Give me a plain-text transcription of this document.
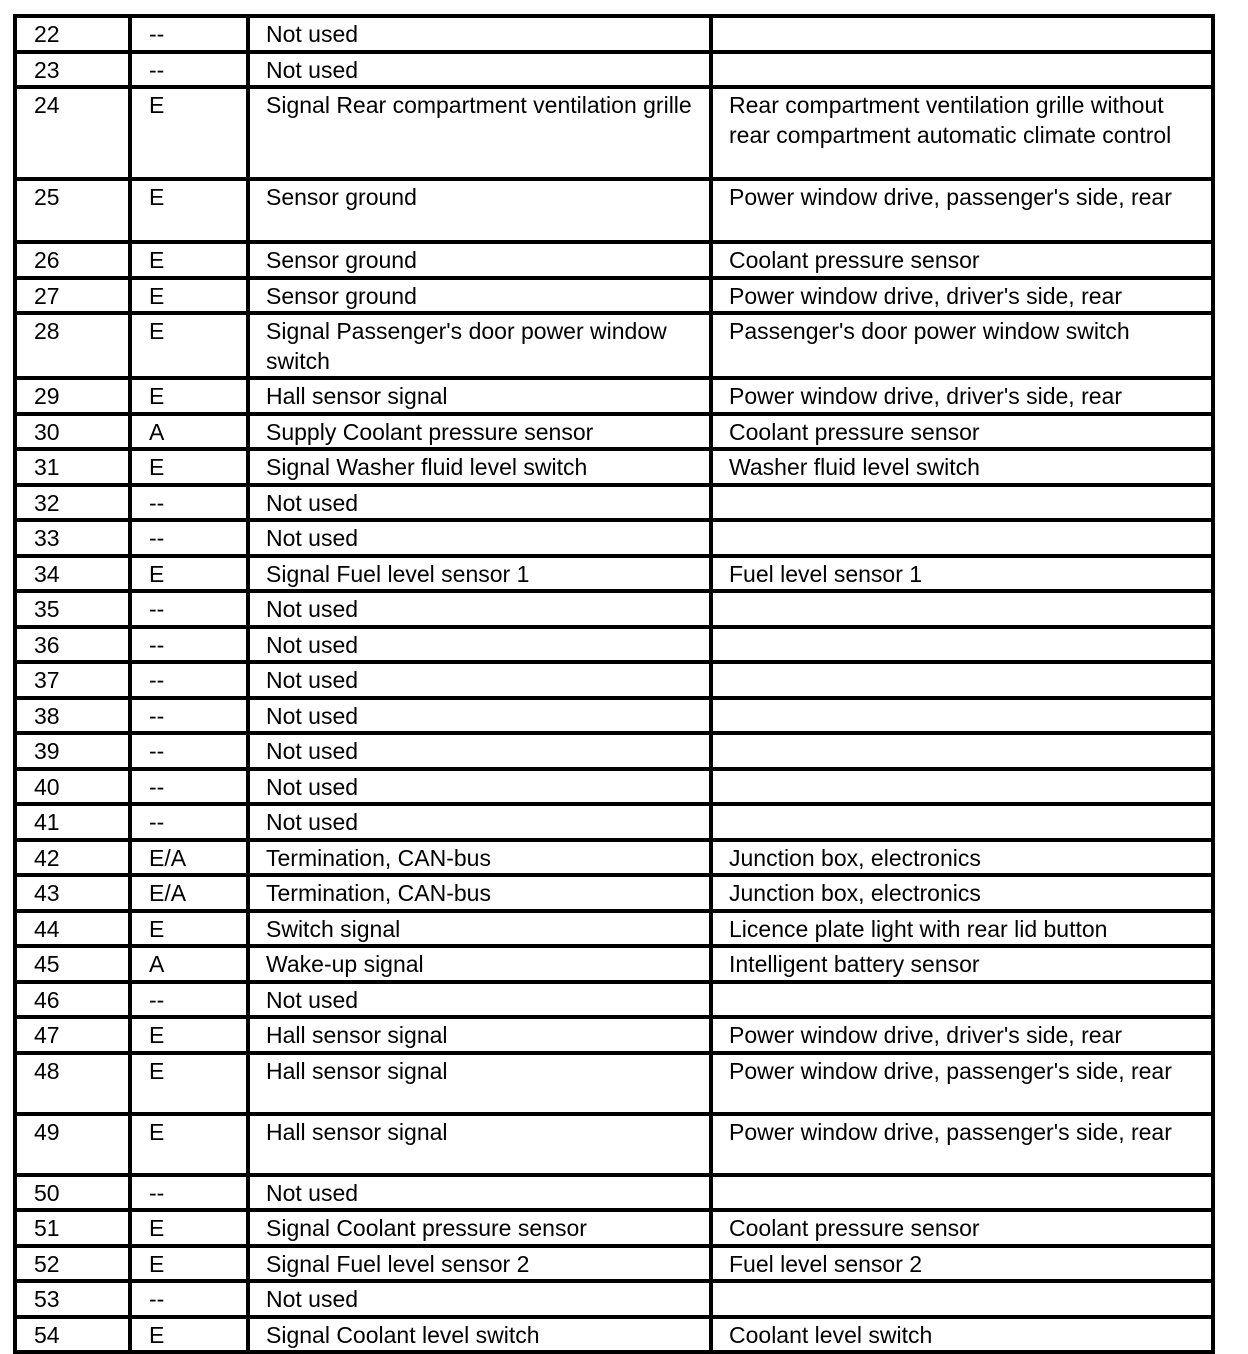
22	--	Not used	
23	--	Not used	
24	E	Signal Rear compartment ventilation grille	Rear compartment ventilation grille without rear compartment automatic climate control
25	E	Sensor ground	Power window drive, passenger's side, rear
26	E	Sensor ground	Coolant pressure sensor
27	E	Sensor ground	Power window drive, driver's side, rear
28	E	Signal Passenger's door power window switch	Passenger's door power window switch
29	E	Hall sensor signal	Power window drive, driver's side, rear
30	A	Supply Coolant pressure sensor	Coolant pressure sensor
31	E	Signal Washer fluid level switch	Washer fluid level switch
32	--	Not used	
33	--	Not used	
34	E	Signal Fuel level sensor 1	Fuel level sensor 1
35	--	Not used	
36	--	Not used	
37	--	Not used	
38	--	Not used	
39	--	Not used	
40	--	Not used	
41	--	Not used	
42	E/A	Termination, CAN-bus	Junction box, electronics
43	E/A	Termination, CAN-bus	Junction box, electronics
44	E	Switch signal	Licence plate light with rear lid button
45	A	Wake-up signal	Intelligent battery sensor
46	--	Not used	
47	E	Hall sensor signal	Power window drive, driver's side, rear
48	E	Hall sensor signal	Power window drive, passenger's side, rear
49	E	Hall sensor signal	Power window drive, passenger's side, rear
50	--	Not used	
51	E	Signal Coolant pressure sensor	Coolant pressure sensor
52	E	Signal Fuel level sensor 2	Fuel level sensor 2
53	--	Not used	
54	E	Signal Coolant level switch	Coolant level switch
